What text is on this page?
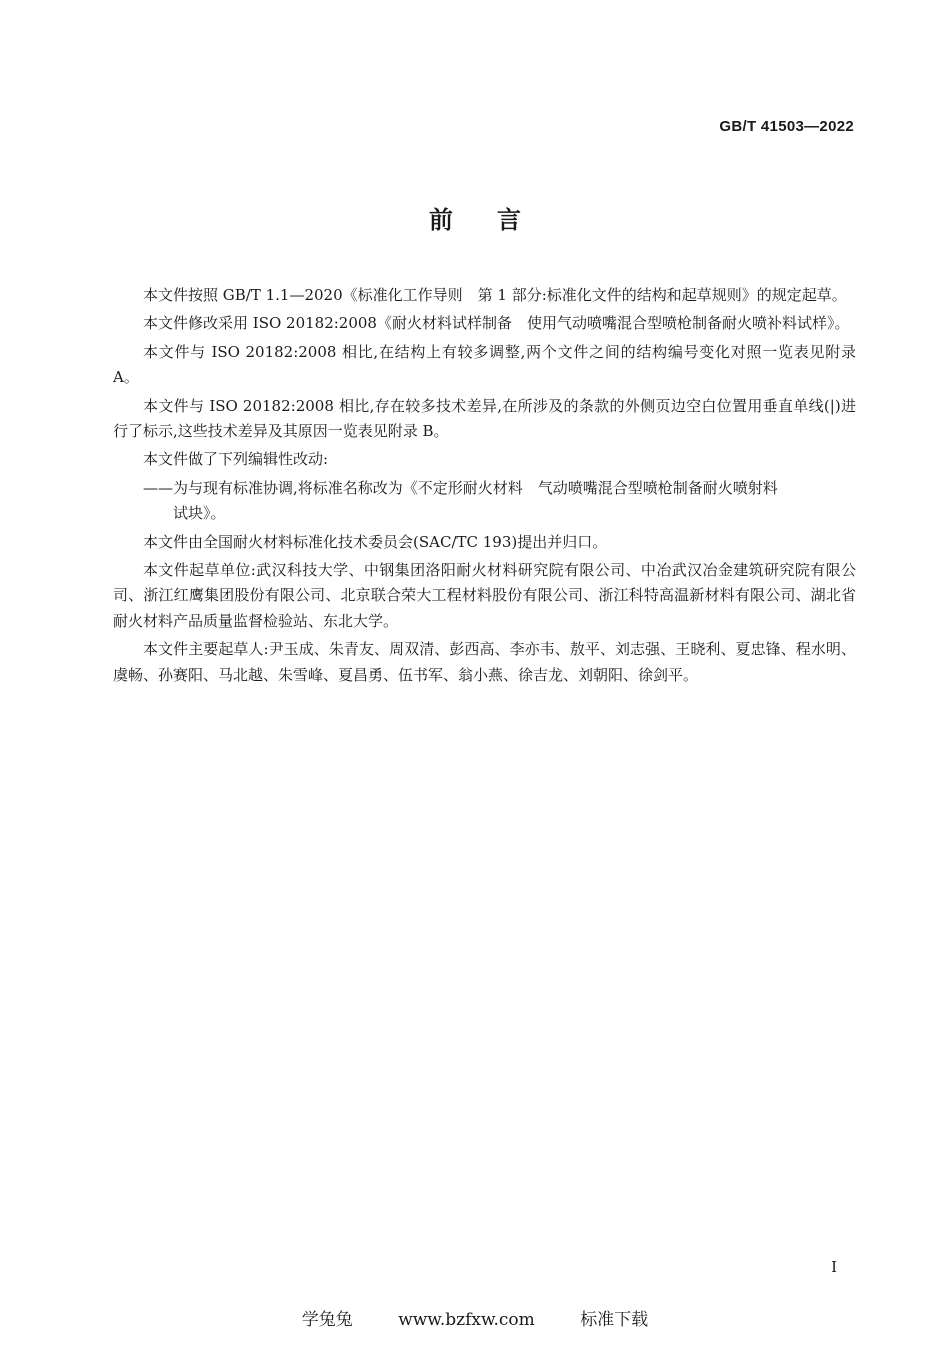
GB/T 41503—2022
前言

本文件按照 GB/T 1.1—2020《标准化工作导则　第 1 部分:标准化文件的结构和起草规则》的规定起草。

本文件修改采用 ISO 20182:2008《耐火材料试样制备　使用气动喷嘴混合型喷枪制备耐火喷补料试样》。

本文件与 ISO 20182:2008 相比,在结构上有较多调整,两个文件之间的结构编号变化对照一览表见附录 A。

本文件与 ISO 20182:2008 相比,存在较多技术差异,在所涉及的条款的外侧页边空白位置用垂直单线(|)进行了标示,这些技术差异及其原因一览表见附录 B。

本文件做了下列编辑性改动:

——为与现有标准协调,将标准名称改为《不定形耐火材料　气动喷嘴混合型喷枪制备耐火喷射料
试块》。

本文件由全国耐火材料标准化技术委员会(SAC/TC 193)提出并归口。

本文件起草单位:武汉科技大学、中钢集团洛阳耐火材料研究院有限公司、中冶武汉冶金建筑研究院有限公司、浙江红鹰集团股份有限公司、北京联合荣大工程材料股份有限公司、浙江科特高温新材料有限公司、湖北省耐火材料产品质量监督检验站、东北大学。

本文件主要起草人:尹玉成、朱青友、周双清、彭西高、李亦韦、敖平、刘志强、王晓利、夏忠锋、程水明、虞畅、孙赛阳、马北越、朱雪峰、夏昌勇、伍书军、翁小燕、徐吉龙、刘朝阳、徐剑平。

I
学兔兔	www.bzfxw.com	标准下载
